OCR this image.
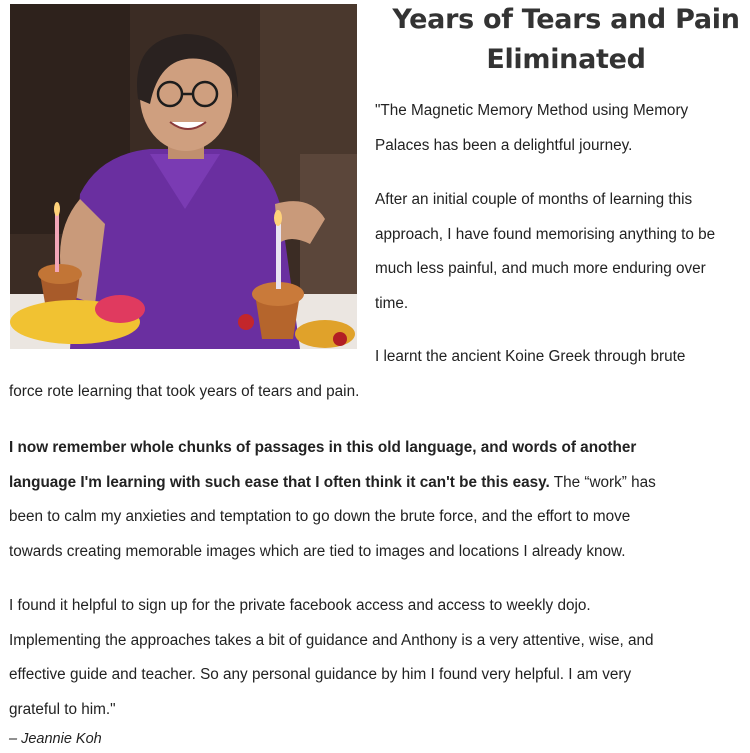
Years of Tears and Pain
Eliminated
"The Magnetic Memory Method using Memory
Palaces has been a delightful journey.
After an initial couple of months of learning this
approach, I have found memorising anything to be
much less painful, and much more enduring over
time.
I learnt the ancient Koine Greek through brute
force rote learning that took years of tears and pain.
I now remember whole chunks of passages in this old language, and words of another
language I'm learning with such ease that I often think it can't be this easy. The “work” has
been to calm my anxieties and temptation to go down the brute force, and the effort to move
towards creating memorable images which are tied to images and locations I already know.
I found it helpful to sign up for the private facebook access and access to weekly dojo.
Implementing the approaches takes a bit of guidance and Anthony is a very attentive, wise, and
effective guide and teacher. So any personal guidance by him I found very helpful. I am very
grateful to him."
– Jeannie Koh
